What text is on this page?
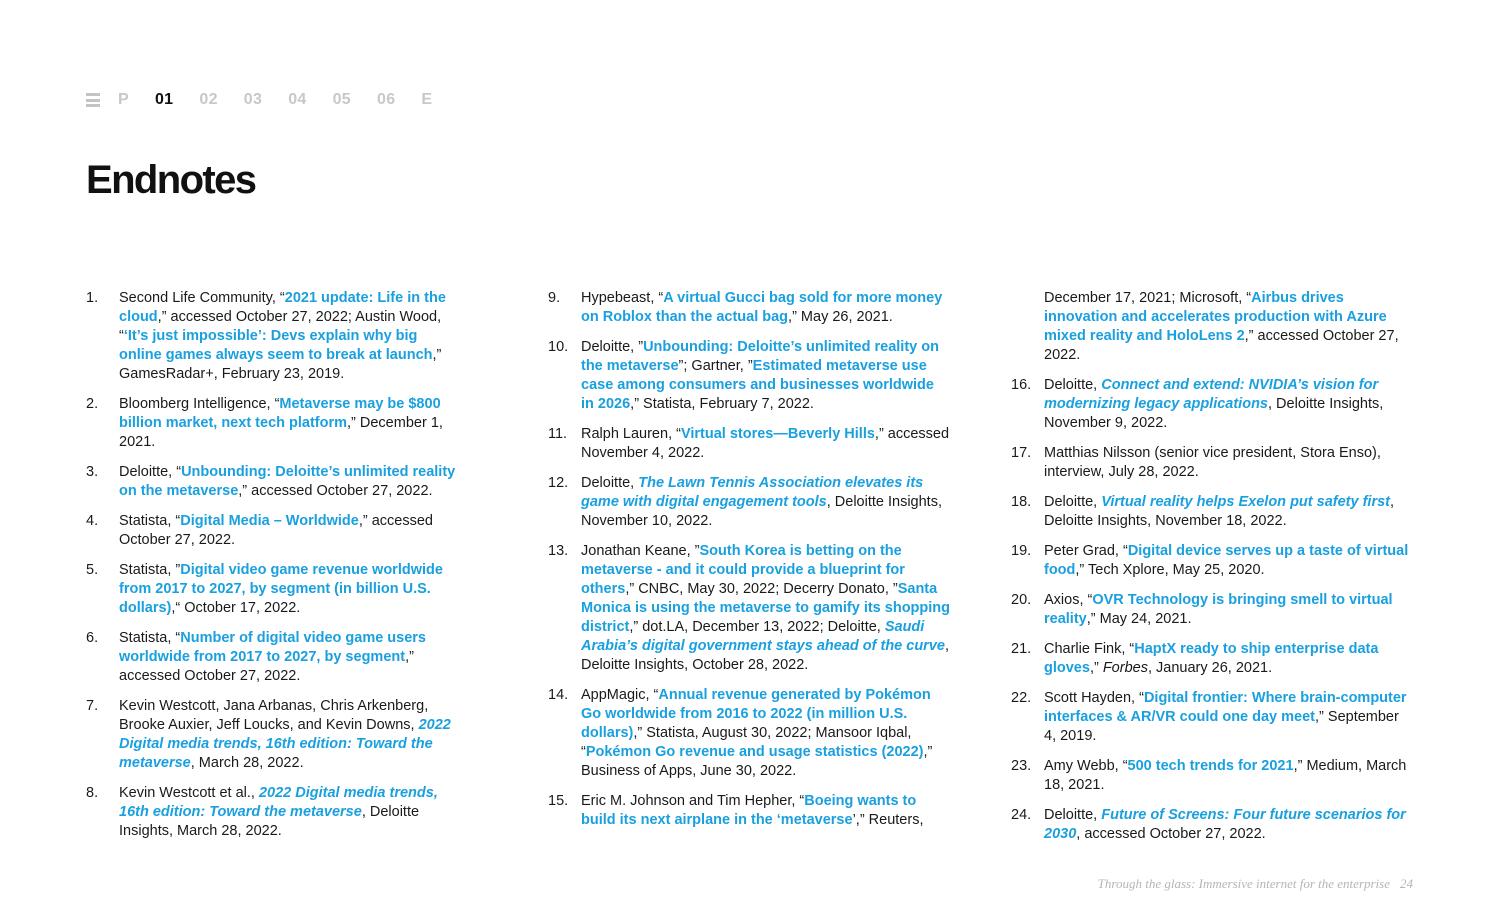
P 01 02 03 04 05 06 E
Endnotes
1.	Second Life Community, “2021 update: Life in the cloud,” accessed October 27, 2022; Austin Wood, “‘It’s just impossible’: Devs explain why big online games always seem to break at launch,” GamesRadar+, February 23, 2019.
2.	Bloomberg Intelligence, “Metaverse may be $800 billion market, next tech platform,” December 1, 2021.
3.	Deloitte, “Unbounding: Deloitte’s unlimited reality on the metaverse,” accessed October 27, 2022.
4.	Statista, “Digital Media – Worldwide,” accessed October 27, 2022.
5.	Statista, ”Digital video game revenue worldwide from 2017 to 2027, by segment (in billion U.S. dollars),“ October 17, 2022.
6.	Statista, “Number of digital video game users worldwide from 2017 to 2027, by segment,” accessed October 27, 2022.
7.	Kevin Westcott, Jana Arbanas, Chris Arkenberg, Brooke Auxier, Jeff Loucks, and Kevin Downs, 2022 Digital media trends, 16th edition: Toward the metaverse, March 28, 2022.
8.	Kevin Westcott et al., 2022 Digital media trends, 16th edition: Toward the metaverse, Deloitte Insights, March 28, 2022.
9.	Hypebeast, “A virtual Gucci bag sold for more money on Roblox than the actual bag,” May 26, 2021.
10. Deloitte, ”Unbounding: Deloitte’s unlimited reality on the metaverse”; Gartner, ”Estimated metaverse use case among consumers and businesses worldwide in 2026,” Statista, February 7, 2022.
11. Ralph Lauren, “Virtual stores—Beverly Hills,” accessed November 4, 2022.
12. Deloitte, The Lawn Tennis Association elevates its game with digital engagement tools, Deloitte Insights, November 10, 2022.
13. Jonathan Keane, ”South Korea is betting on the metaverse - and it could provide a blueprint for others,” CNBC, May 30, 2022; Decerry Donato, ”Santa Monica is using the metaverse to gamify its shopping district,” dot.LA, December 13, 2022; Deloitte, Saudi Arabia’s digital government stays ahead of the curve, Deloitte Insights, October 28, 2022.
14. AppMagic, “Annual revenue generated by Pokémon Go worldwide from 2016 to 2022 (in million U.S. dollars),” Statista, August 30, 2022; Mansoor Iqbal, “Pokémon Go revenue and usage statistics (2022),” Business of Apps, June 30, 2022.
15. Eric M. Johnson and Tim Hepher, “Boeing wants to build its next airplane in the ‘metaverse’,” Reuters,
December 17, 2021; Microsoft, “Airbus drives innovation and accelerates production with Azure mixed reality and HoloLens 2,” accessed October 27, 2022.
16. Deloitte, Connect and extend: NVIDIA’s vision for modernizing legacy applications, Deloitte Insights, November 9, 2022.
17. Matthias Nilsson (senior vice president, Stora Enso), interview, July 28, 2022.
18. Deloitte, Virtual reality helps Exelon put safety first, Deloitte Insights, November 18, 2022.
19. Peter Grad, “Digital device serves up a taste of virtual food,” Tech Xplore, May 25, 2020.
20. Axios, “OVR Technology is bringing smell to virtual reality,” May 24, 2021.
21. Charlie Fink, “HaptX ready to ship enterprise data gloves,” Forbes, January 26, 2021.
22. Scott Hayden, “Digital frontier: Where brain-computer interfaces & AR/VR could one day meet,” September 4, 2019.
23. Amy Webb, “500 tech trends for 2021,” Medium, March 18, 2021.
24. Deloitte, Future of Screens: Four future scenarios for 2030, accessed October 27, 2022.
Through the glass: Immersive internet for the enterprise 24
